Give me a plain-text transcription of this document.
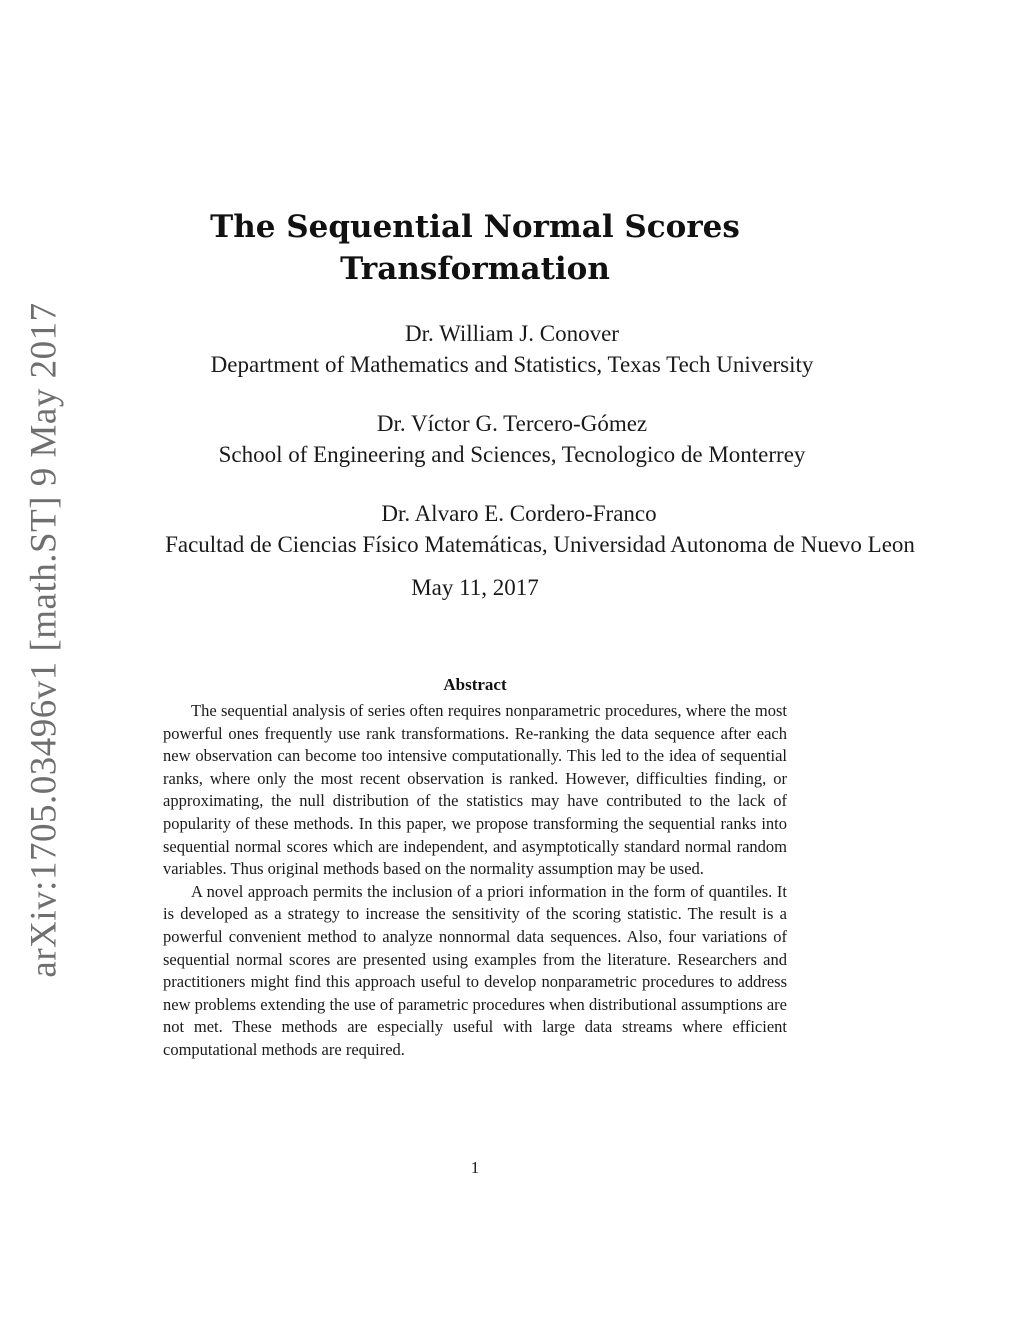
arXiv:1705.03496v1 [math.ST] 9 May 2017
The Sequential Normal Scores
Transformation
Dr. William J. Conover
Department of Mathematics and Statistics, Texas Tech University
Dr. Víctor G. Tercero-Gómez
School of Engineering and Sciences, Tecnologico de Monterrey
Dr. Alvaro E. Cordero-Franco
Facultad de Ciencias Físico Matemáticas, Universidad Autonoma de Nuevo Leon
May 11, 2017
Abstract

The sequential analysis of series often requires nonparametric procedures, where the most powerful ones frequently use rank transformations. Re-ranking the data sequence after each new observation can become too intensive computationally. This led to the idea of sequential ranks, where only the most recent observation is ranked. However, difficulties finding, or approximating, the null distribution of the statistics may have contributed to the lack of popularity of these methods. In this paper, we propose transforming the sequential ranks into sequential normal scores which are independent, and asymptotically standard normal random variables. Thus original methods based on the normality assumption may be used.

A novel approach permits the inclusion of a priori information in the form of quantiles. It is developed as a strategy to increase the sensitivity of the scoring statistic. The result is a powerful convenient method to analyze nonnormal data sequences. Also, four variations of sequential normal scores are presented using examples from the literature. Researchers and practitioners might find this approach useful to develop nonparametric procedures to address new problems extending the use of parametric procedures when distributional assumptions are not met. These methods are especially useful with large data streams where efficient computational methods are required.

1
